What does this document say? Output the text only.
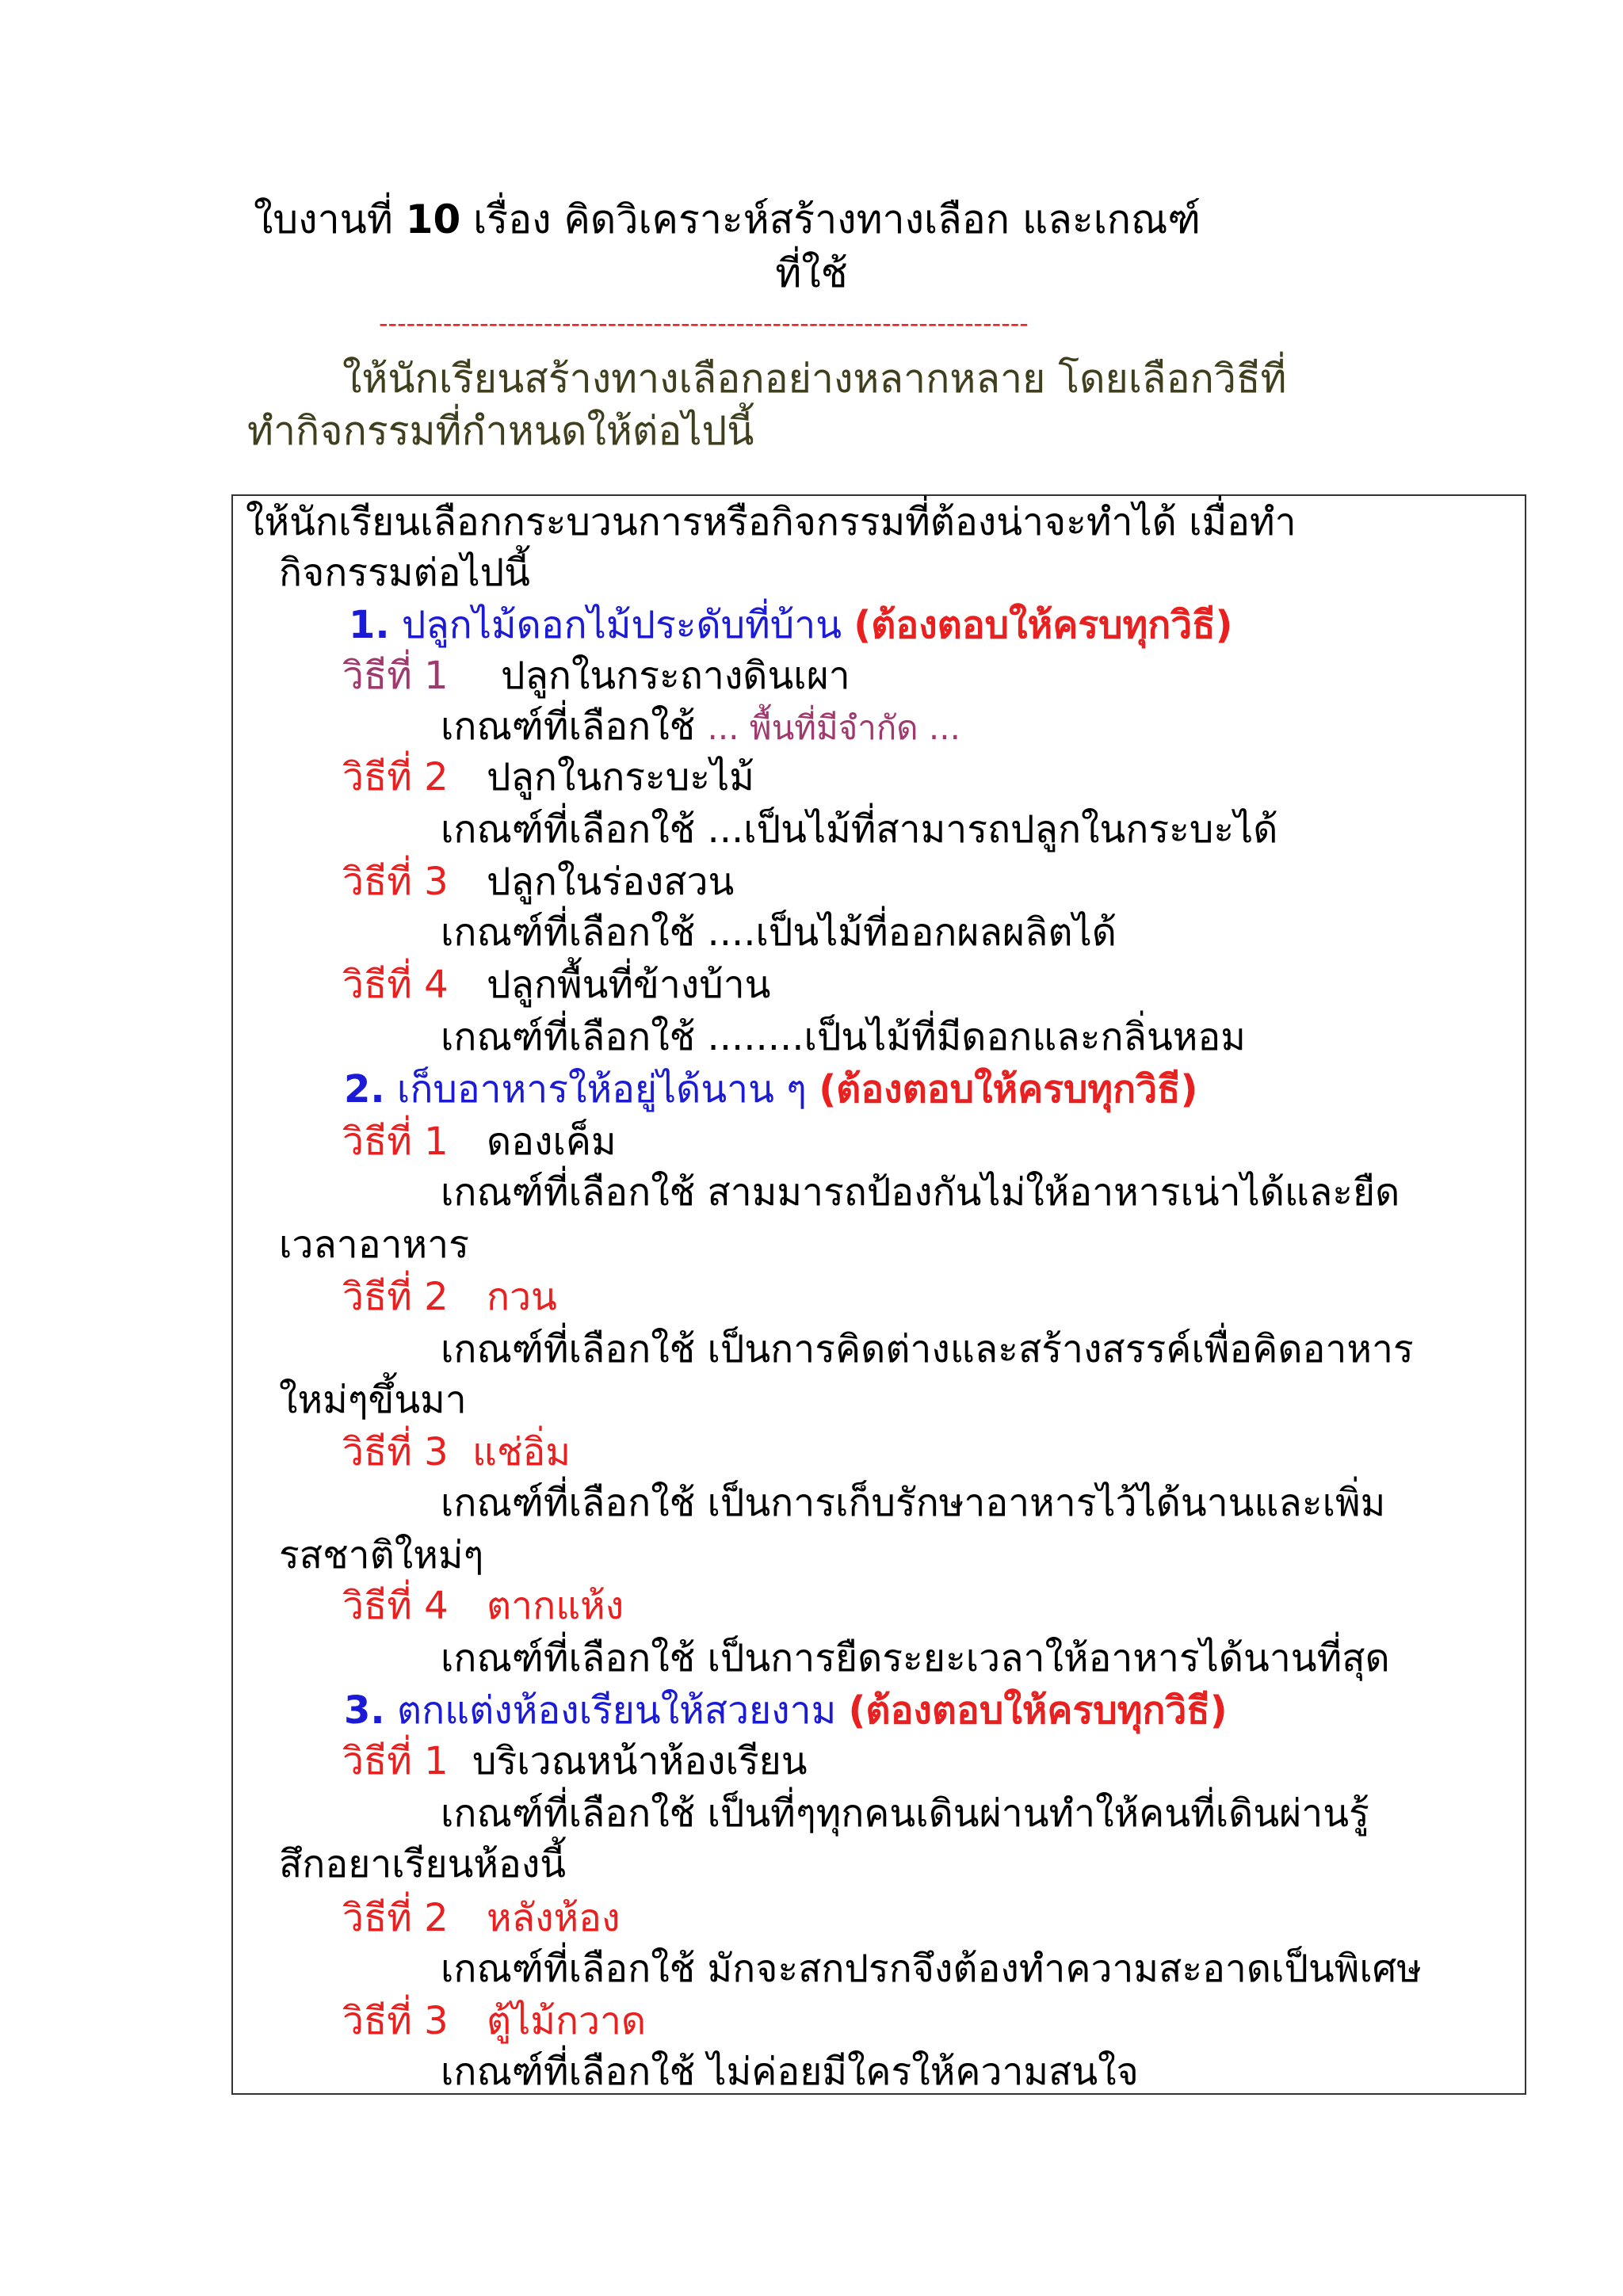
ใบงานที่ 10 เรื่อง คิดวิเคราะห์สร้างทางเลือก และเกณฑ์
ที่ใช้
-----------------------------------------------------------------------
ให้นักเรียนสร้างทางเลือกอย่างหลากหลาย โดยเลือกวิธีที่
ทำกิจกรรมที่กำหนดให้ต่อไปนี้
ให้นักเรียนเลือกกระบวนการหรือกิจกรรมที่ต้องน่าจะทำได้ เมื่อทำ
กิจกรรมต่อไปนี้
1. ปลูกไม้ดอกไม้ประดับที่บ้าน (ต้องตอบให้ครบทุกวิธี)
วิธีที่ 1 ปลูกในกระถางดินเผา
เกณฑ์ที่เลือกใช้ ... พื้นที่มีจำกัด ...
วิธีที่ 2 ปลูกในกระบะไม้
เกณฑ์ที่เลือกใช้ ...เป็นไม้ที่สามารถปลูกในกระบะได้
วิธีที่ 3 ปลูกในร่องสวน
เกณฑ์ที่เลือกใช้ ....เป็นไม้ที่ออกผลผลิตได้
วิธีที่ 4 ปลูกพื้นที่ข้างบ้าน
เกณฑ์ที่เลือกใช้ ........เป็นไม้ที่มีดอกและกลิ่นหอม
2. เก็บอาหารให้อยู่ได้นาน ๆ (ต้องตอบให้ครบทุกวิธี)
วิธีที่ 1 ดองเค็ม
เกณฑ์ที่เลือกใช้ สามมารถป้องกันไม่ให้อาหารเน่าได้และยืด
เวลาอาหาร
วิธีที่ 2 กวน
เกณฑ์ที่เลือกใช้ เป็นการคิดต่างและสร้างสรรค์เพื่อคิดอาหาร
ใหม่ๆขึ้นมา
วิธีที่ 3 แช่อิ่ม
เกณฑ์ที่เลือกใช้ เป็นการเก็บรักษาอาหารไว้ได้นานและเพิ่ม
รสชาติใหม่ๆ
วิธีที่ 4 ตากแห้ง
เกณฑ์ที่เลือกใช้ เป็นการยืดระยะเวลาให้อาหารได้นานที่สุด
3. ตกแต่งห้องเรียนให้สวยงาม (ต้องตอบให้ครบทุกวิธี)
วิธีที่ 1 บริเวณหน้าห้องเรียน
เกณฑ์ที่เลือกใช้ เป็นที่ๆทุกคนเดินผ่านทำให้คนที่เดินผ่านรู้
สึกอยาเรียนห้องนี้
วิธีที่ 2 หลังห้อง
เกณฑ์ที่เลือกใช้ มักจะสกปรกจึงต้องทำความสะอาดเป็นพิเศษ
วิธีที่ 3 ตู้ไม้กวาด
เกณฑ์ที่เลือกใช้ ไม่ค่อยมีใครให้ความสนใจ
